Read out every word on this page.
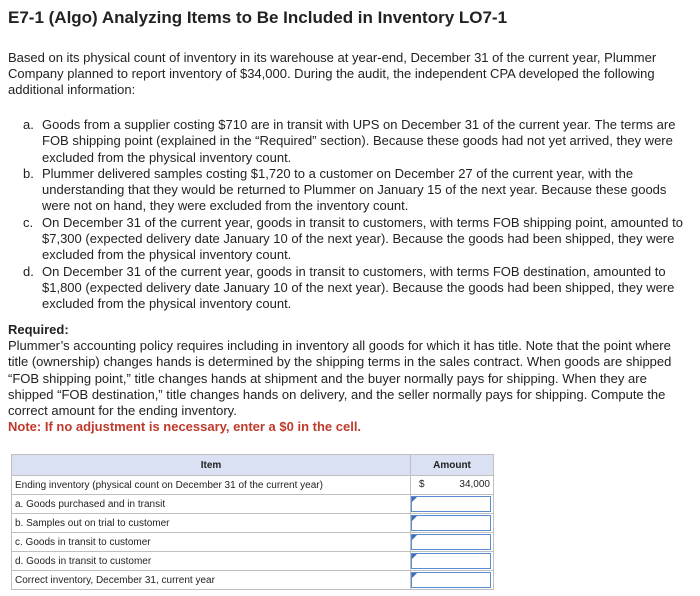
E7-1 (Algo) Analyzing Items to Be Included in Inventory LO7-1
Based on its physical count of inventory in its warehouse at year-end, December 31 of the current year, Plummer Company planned to report inventory of $34,000. During the audit, the independent CPA developed the following additional information:
a. Goods from a supplier costing $710 are in transit with UPS on December 31 of the current year. The terms are FOB shipping point (explained in the “Required” section). Because these goods had not yet arrived, they were excluded from the physical inventory count.
b. Plummer delivered samples costing $1,720 to a customer on December 27 of the current year, with the understanding that they would be returned to Plummer on January 15 of the next year. Because these goods were not on hand, they were excluded from the inventory count.
c. On December 31 of the current year, goods in transit to customers, with terms FOB shipping point, amounted to $7,300 (expected delivery date January 10 of the next year). Because the goods had been shipped, they were excluded from the physical inventory count.
d. On December 31 of the current year, goods in transit to customers, with terms FOB destination, amounted to $1,800 (expected delivery date January 10 of the next year). Because the goods had been shipped, they were excluded from the physical inventory count.
Required:
Plummer’s accounting policy requires including in inventory all goods for which it has title. Note that the point where title (ownership) changes hands is determined by the shipping terms in the sales contract. When goods are shipped “FOB shipping point,” title changes hands at shipment and the buyer normally pays for shipping. When they are shipped “FOB destination,” title changes hands on delivery, and the seller normally pays for shipping. Compute the correct amount for the ending inventory.
Note: If no adjustment is necessary, enter a $0 in the cell.
Item	Amount
Ending inventory (physical count on December 31 of the current year)	$ 34,000

a. Goods purchased and in transit	

b. Samples out on trial to customer	

c. Goods in transit to customer	

d. Goods in transit to customer	

Correct inventory, December 31, current year	
